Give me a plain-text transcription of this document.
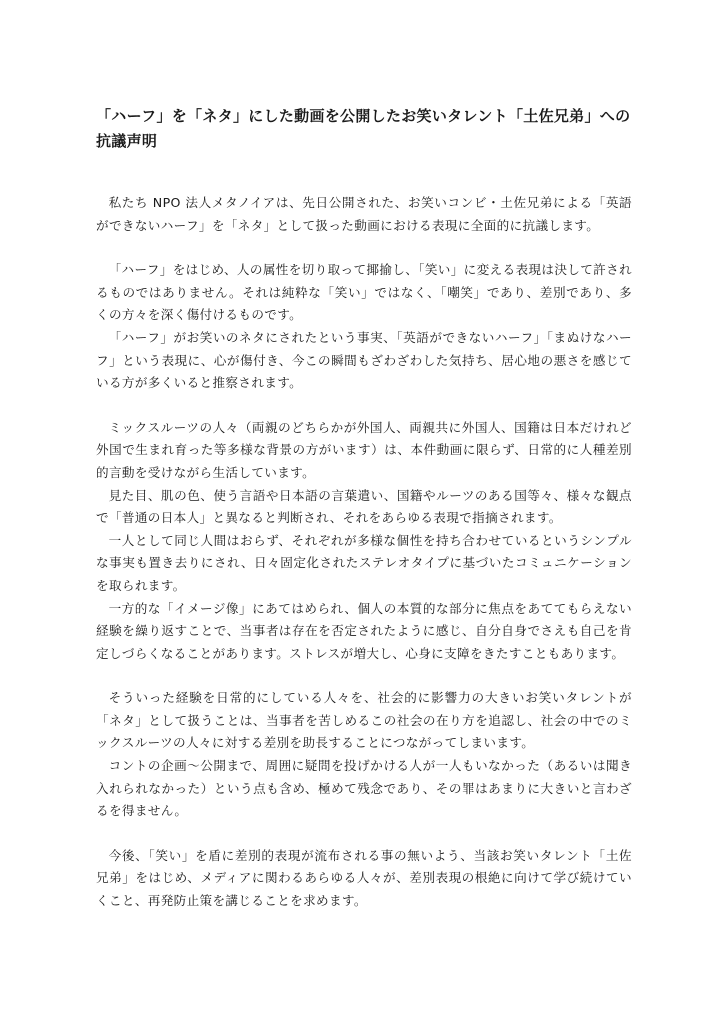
「ハーフ」を「ネタ」にした動画を公開したお笑いタレント「土佐兄弟」への抗議声明

私たち NPO 法人メタノイアは、先日公開された、お笑いコンビ・土佐兄弟による「英語ができないハーフ」を「ネタ」として扱った動画における表現に全面的に抗議します。

「ハーフ」をはじめ、人の属性を切り取って揶揄し、「笑い」に変える表現は決して許されるものではありません。それは純粋な「笑い」ではなく、「嘲笑」であり、差別であり、多くの方々を深く傷付けるものです。

「ハーフ」がお笑いのネタにされたという事実、「英語ができないハーフ」「まぬけなハーフ」という表現に、心が傷付き、今この瞬間もざわざわした気持ち、居心地の悪さを感じている方が多くいると推察されます。

ミックスルーツの人々（両親のどちらかが外国人、両親共に外国人、国籍は日本だけれど外国で生まれ育った等多様な背景の方がいます）は、本件動画に限らず、日常的に人種差別的言動を受けながら生活しています。

見た目、肌の色、使う言語や日本語の言葉遣い、国籍やルーツのある国等々、様々な観点で「普通の日本人」と異なると判断され、それをあらゆる表現で指摘されます。

一人として同じ人間はおらず、それぞれが多様な個性を持ち合わせているというシンプルな事実も置き去りにされ、日々固定化されたステレオタイプに基づいたコミュニケーションを取られます。

一方的な「イメージ像」にあてはめられ、個人の本質的な部分に焦点をあててもらえない経験を繰り返すことで、当事者は存在を否定されたように感じ、自分自身でさえも自己を肯定しづらくなることがあります。ストレスが増大し、心身に支障をきたすこともあります。

そういった経験を日常的にしている人々を、社会的に影響力の大きいお笑いタレントが「ネタ」として扱うことは、当事者を苦しめるこの社会の在り方を追認し、社会の中でのミックスルーツの人々に対する差別を助長することにつながってしまいます。

コントの企画～公開まで、周囲に疑問を投げかける人が一人もいなかった（あるいは聞き入れられなかった）という点も含め、極めて残念であり、その罪はあまりに大きいと言わざるを得ません。

今後、「笑い」を盾に差別的表現が流布される事の無いよう、当該お笑いタレント「土佐兄弟」をはじめ、メディアに関わるあらゆる人々が、差別表現の根絶に向けて学び続けていくこと、再発防止策を講じることを求めます。
